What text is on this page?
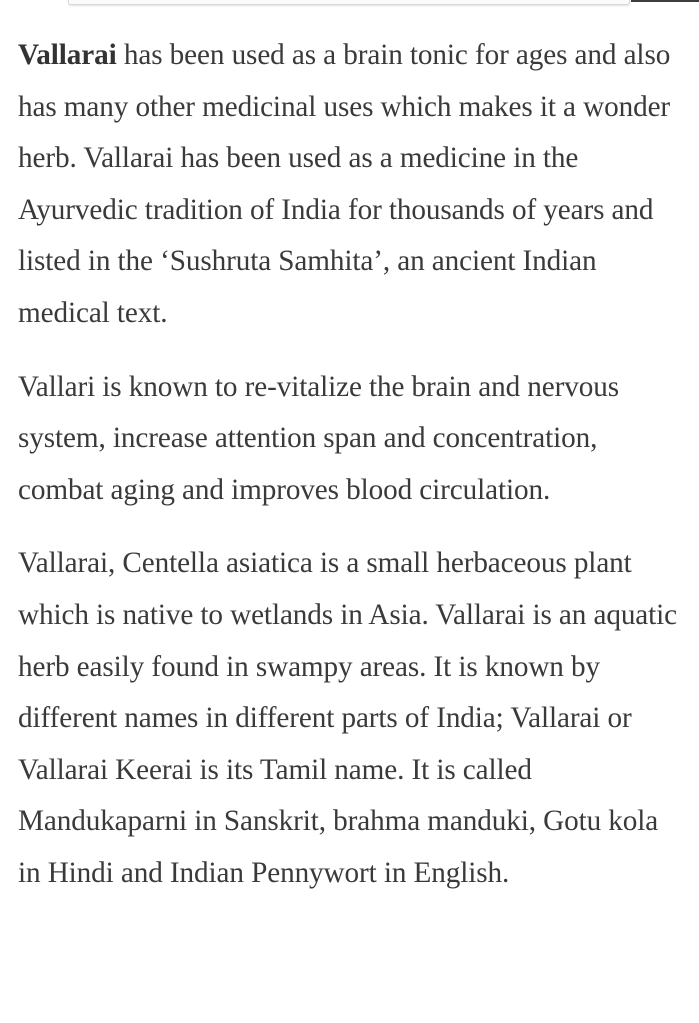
Vallarai has been used as a brain tonic for ages and also has many other medicinal uses which makes it a wonder herb. Vallarai has been used as a medicine in the Ayurvedic tradition of India for thousands of years and listed in the ‘Sushruta Samhita’, an ancient Indian medical text.

Vallari is known to re-vitalize the brain and nervous system, increase attention span and concentration, combat aging and improves blood circulation.

Vallarai, Centella asiatica is a small herbaceous plant which is native to wetlands in Asia. Vallarai is an aquatic herb easily found in swampy areas. It is known by different names in different parts of India; Vallarai or Vallarai Keerai is its Tamil name. It is called Mandukaparni in Sanskrit, brahma manduki, Gotu kola in Hindi and Indian Pennywort in English.
